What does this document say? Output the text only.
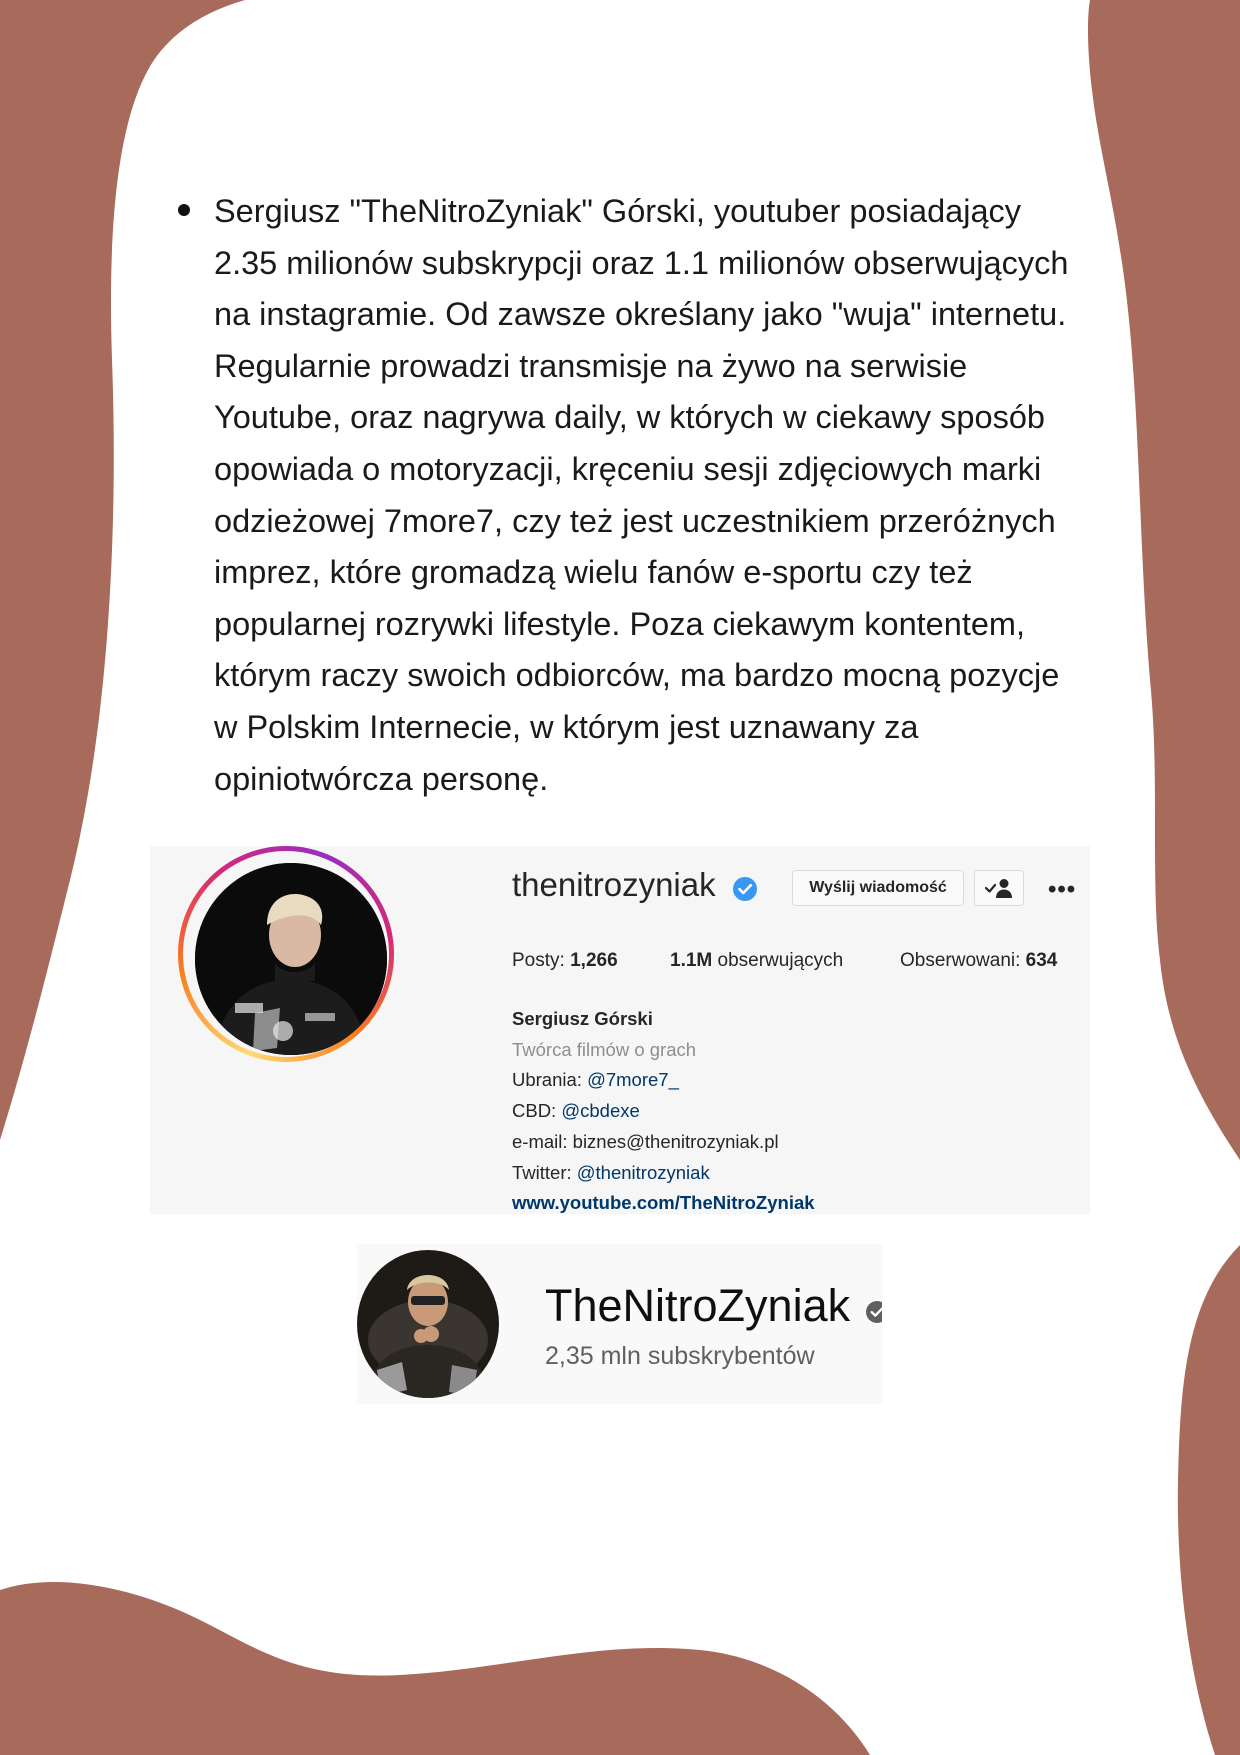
Sergiusz "TheNitroZyniak" Górski, youtuber posiadający
2.35 milionów subskrypcji oraz 1.1 milionów obserwujących
na instagramie. Od zawsze określany jako "wuja" internetu.
Regularnie prowadzi transmisje na żywo na serwisie
Youtube, oraz nagrywa daily, w których w ciekawy sposób
opowiada o motoryzacji, kręceniu sesji zdjęciowych marki
odzieżowej 7more7, czy też jest uczestnikiem przeróżnych
imprez, które gromadzą wielu fanów e-sportu czy też
popularnej rozrywki lifestyle. Poza ciekawym kontentem,
którym raczy swoich odbiorców, ma bardzo mocną pozycje
w Polskim Internecie, w którym jest uznawany za
opiniotwórcza personę.

thenitrozyniak	Wyślij wiadomość	•••
Posty: 1,266	1.1M obserwujących	Obserwowani: 634
Sergiusz Górski
Twórca filmów o grach
Ubrania: @7more7_
CBD: @cbdexe
e-mail: biznes@thenitrozyniak.pl
Twitter: @thenitrozyniak
www.youtube.com/TheNitroZyniak
TheNitroZyniak
2,35 mln subskrybentów
